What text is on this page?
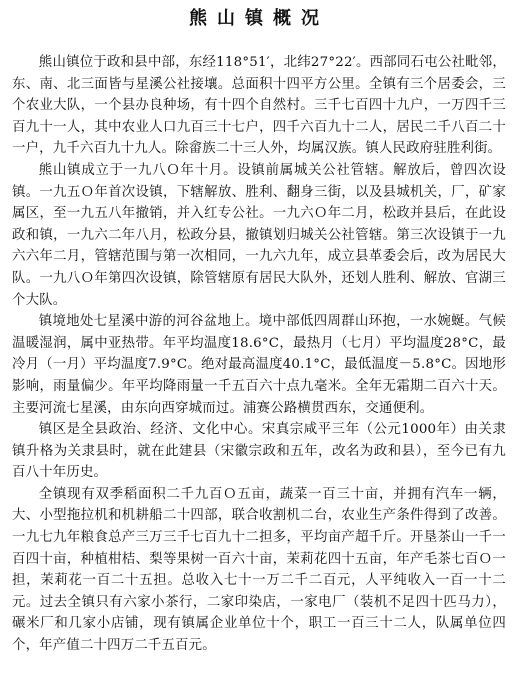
熊山镇概况

熊山镇位于政和县中部，东经118°51′，北纬27°22′。西部同石屯公社毗邻，东、南、北三面皆与星溪公社接壤。总面积十四平方公里。全镇有三个居委会，三个农业大队，一个县办良种场，有十四个自然村。三千七百四十九户，一万四千三百九十一人，其中农业人口九百三十七户，四千六百九十二人，居民二千八百二十一户，九千六百九十九人。除畲族二十三人外，均属汉族。镇人民政府驻胜利街。

熊山镇成立于一九八Ｏ年十月。设镇前属城关公社管辖。解放后，曾四次设镇。一九五Ｏ年首次设镇，下辖解放、胜利、翻身三街，以及县城机关，厂，矿家属区，至一九五八年撤销，并入红专公社。一九六Ｏ年二月，松政并县后，在此设政和镇，一九六二年八月，松政分县，撤镇划归城关公社管辖。第三次设镇于一九六六年二月，管辖范围与第一次相同，一九六九年，成立县革委会后，改为居民大队。一九八Ｏ年第四次设镇，除管辖原有居民大队外，还划人胜利、解放、官湖三个大队。

镇境地处七星溪中游的河谷盆地上。境中部低四周群山环抱，一水婉蜒。气候温暖湿润，属中亚热带。年平均温度18.6°C，最热月（七月）平均温度28°C，最冷月（一月）平均温度7.9°C。绝对最高温度40.1°C，最低温度－5.8°C。因地形影响，雨量偏少。年平均降雨量一千五百六十点九毫米。全年无霜期二百六十天。主要河流七星溪，由东向西穿城而过。浦赛公路横贯西东，交通便利。

镇区是全县政治、经济、文化中心。宋真宗咸平三年（公元1000年）由关隶镇升格为关隶县时，就在此建县（宋徽宗政和五年，改名为政和县），至今已有九百八十年历史。

全镇现有双季稻面积二千九百Ｏ五亩，蔬菜一百三十亩，并拥有汽车一辆，大、小型拖拉机和机耕船二十四部，联合收割机二台，农业生产条件得到了改善。一九七九年粮食总产三万三千七百九十二担多，平均亩产超千斤。开垦茶山一千一百四十亩，种植柑桔、梨等果树一百六十亩，茉莉花四十五亩，年产毛茶七百Ｏ一担，茉莉花一百二十五担。总收入七十一万二千二百元，人平纯收入一百一十二元。过去全镇只有六家小茶行，二家印染店，一家电厂（装机不足四十匹马力），碾米厂和几家小店铺，现有镇属企业单位十个，职工一百三十二人，队属单位四个，年产值二十四万二千五百元。
